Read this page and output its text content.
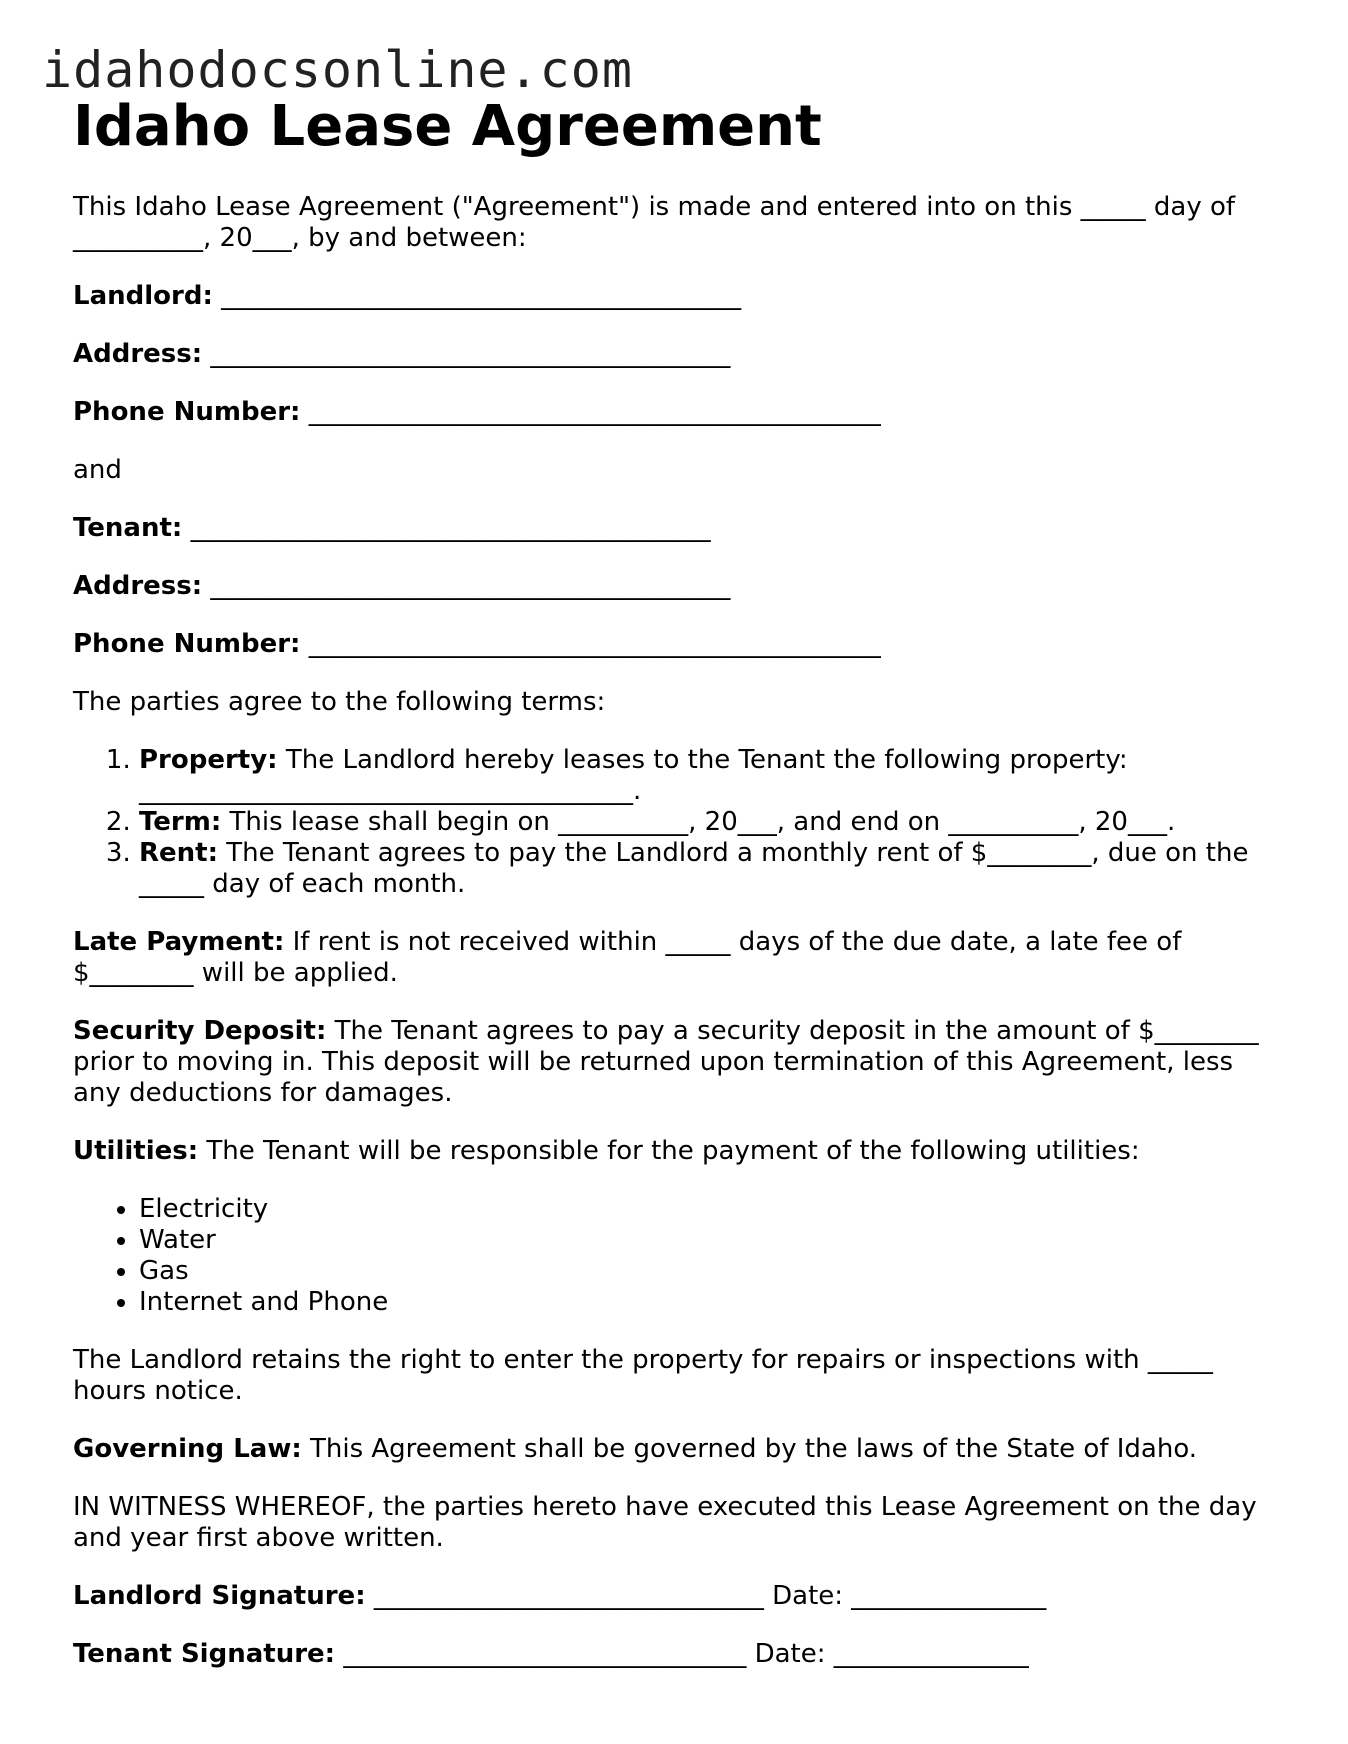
idahodocsonline.com
Idaho Lease Agreement

This Idaho Lease Agreement ("Agreement") is made and entered into on this _____ day of __________, 20___, by and between:

Landlord: ________________________________________

Address: ________________________________________

Phone Number: ____________________________________________

and

Tenant: ________________________________________

Address: ________________________________________

Phone Number: ____________________________________________

The parties agree to the following terms:

1. Property: The Landlord hereby leases to the Tenant the following property: ______________________________________.
2. Term: This lease shall begin on __________, 20___, and end on __________, 20___.
3. Rent: The Tenant agrees to pay the Landlord a monthly rent of $________, due on the _____ day of each month.

Late Payment: If rent is not received within _____ days of the due date, a late fee of $________ will be applied.

Security Deposit: The Tenant agrees to pay a security deposit in the amount of $________ prior to moving in. This deposit will be returned upon termination of this Agreement, less any deductions for damages.

Utilities: The Tenant will be responsible for the payment of the following utilities:

• Electricity
• Water
• Gas
• Internet and Phone

The Landlord retains the right to enter the property for repairs or inspections with _____ hours notice.

Governing Law: This Agreement shall be governed by the laws of the State of Idaho.

IN WITNESS WHEREOF, the parties hereto have executed this Lease Agreement on the day and year first above written.

Landlord Signature: ______________________________ Date: _______________

Tenant Signature: _______________________________ Date: _______________
